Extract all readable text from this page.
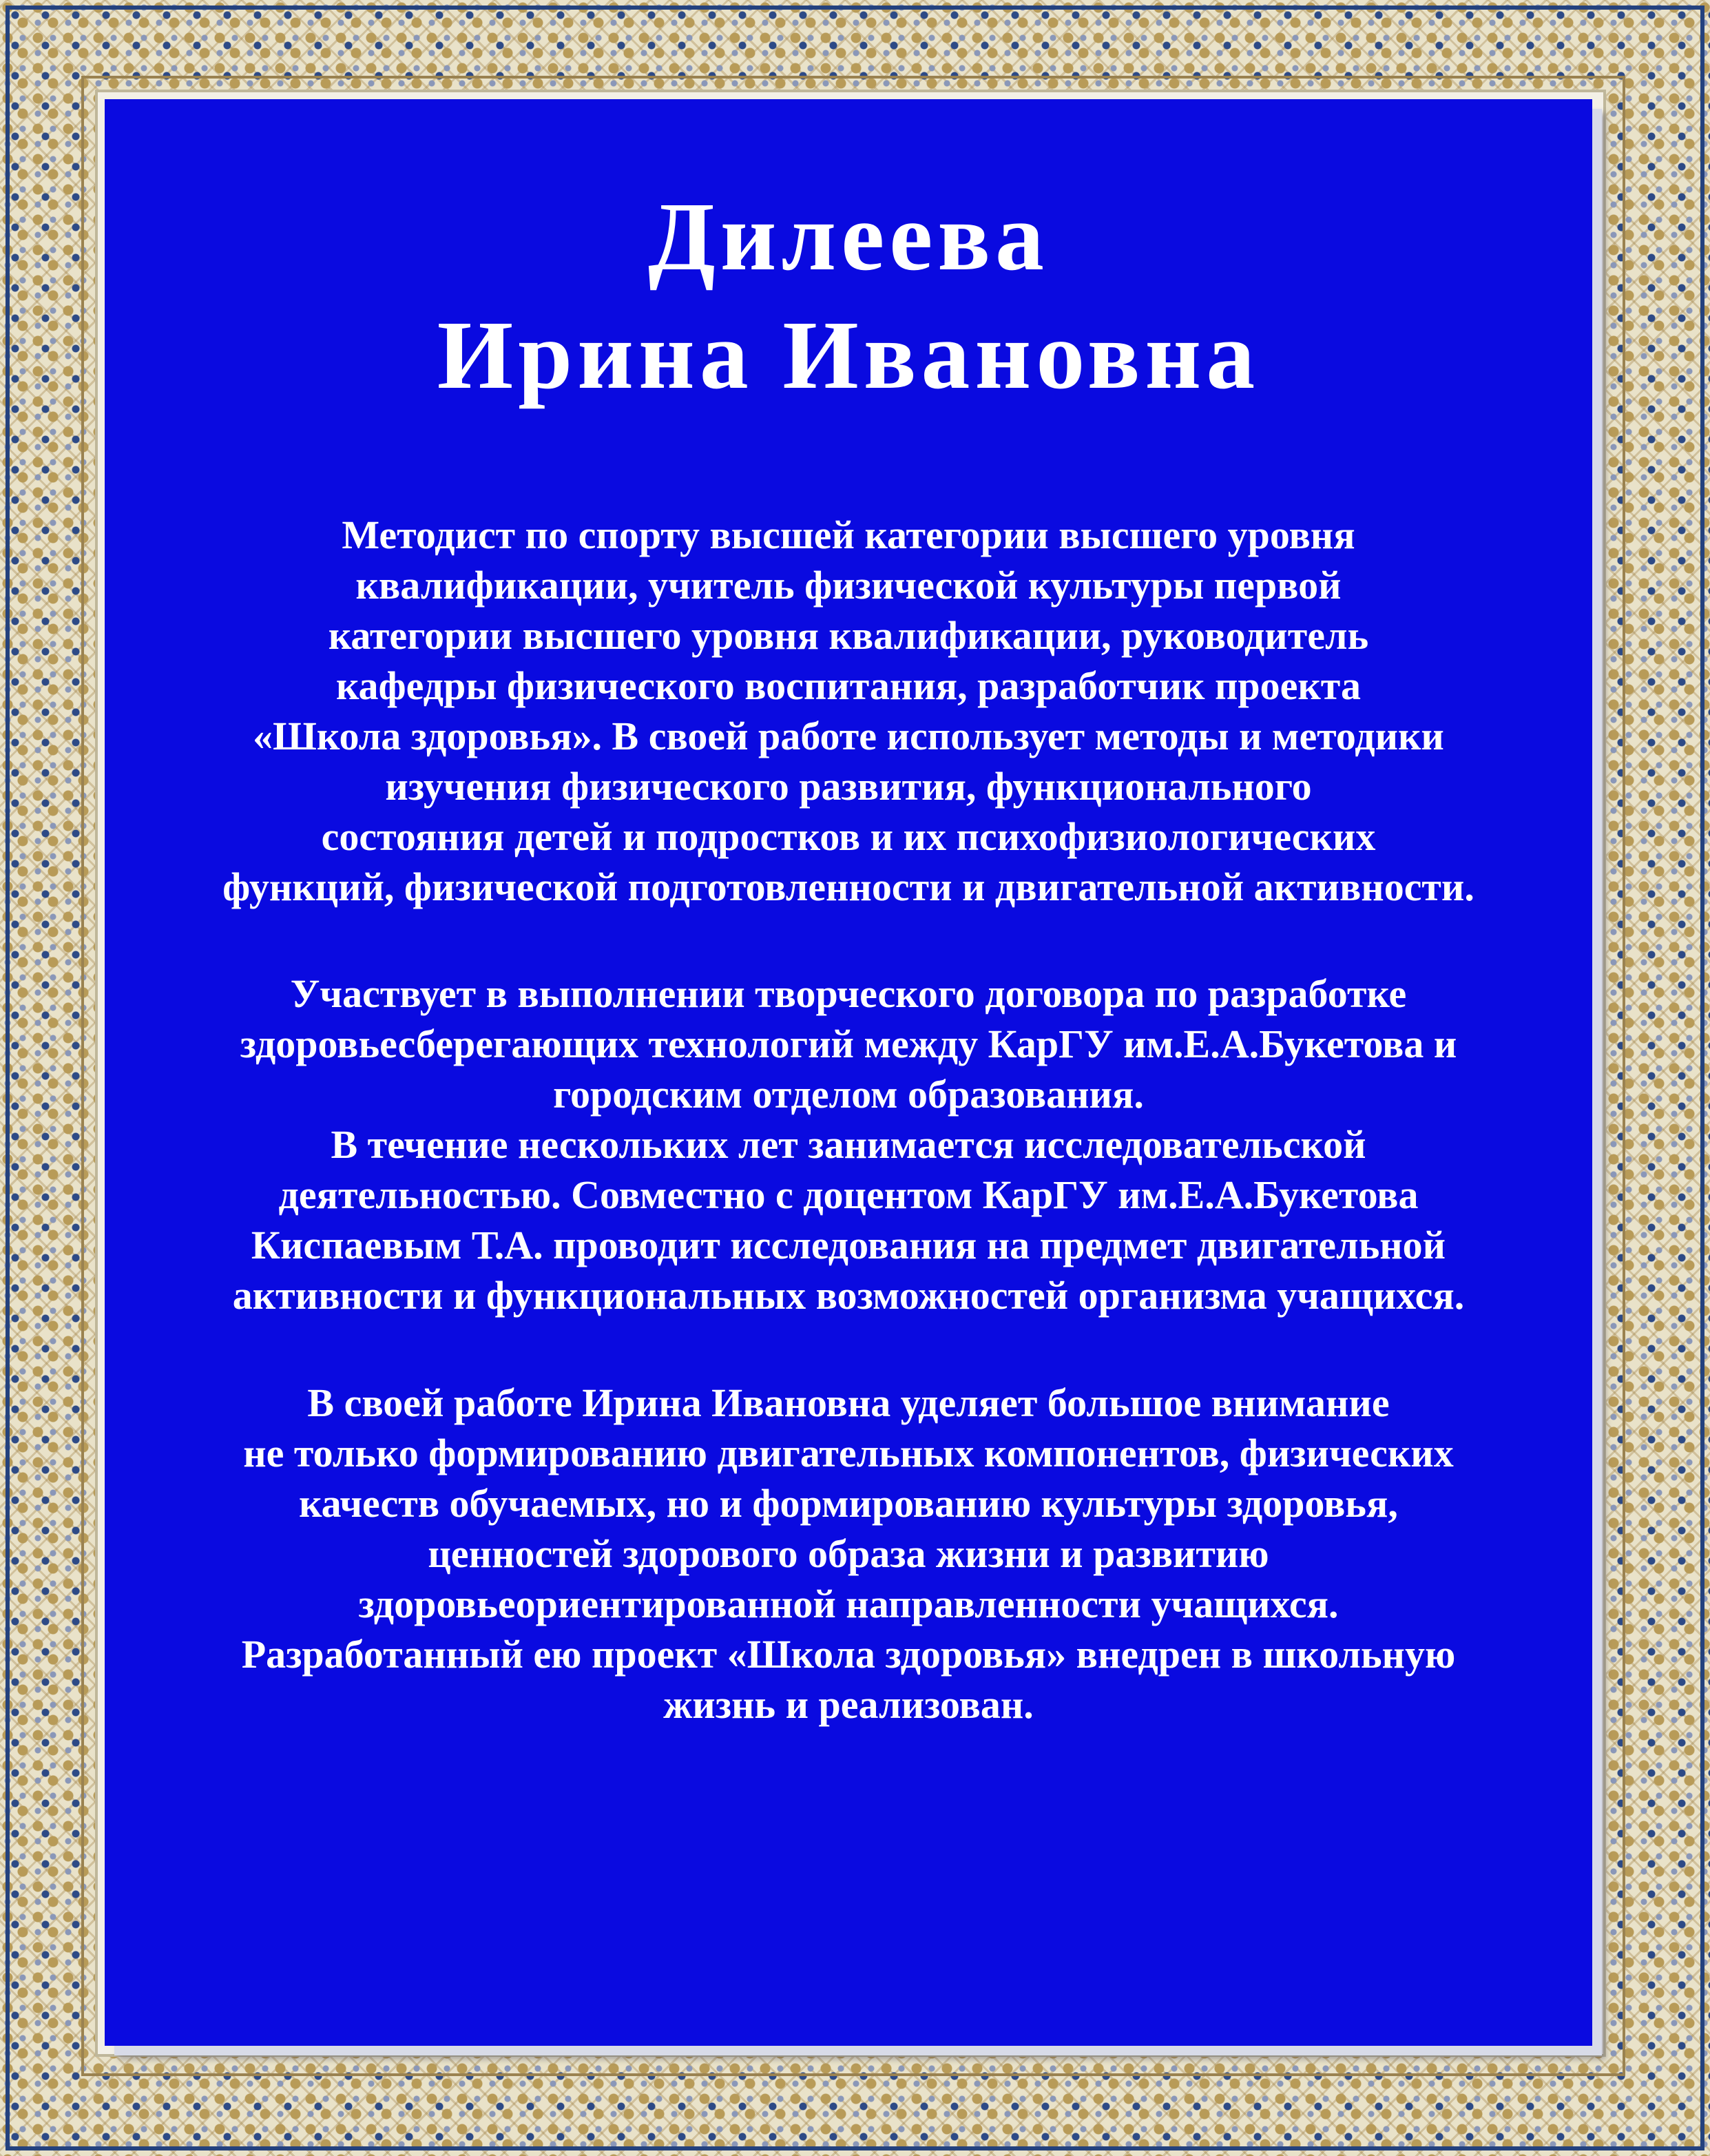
Дилеева
Ирина Ивановна

Методист по спорту высшей категории высшего уровня
квалификации, учитель физической культуры первой
категории высшего уровня квалификации, руководитель
кафедры физического воспитания, разработчик проекта
«Школа здоровья». В своей работе использует методы и методики
изучения физического развития, функционального
состояния детей и подростков и их психофизиологических
функций, физической подготовленности и двигательной активности.

Участвует в выполнении творческого договора по разработке
здоровьесберегающих технологий между КарГУ им.Е.А.Букетова и
городским отделом образования.
В течение нескольких лет занимается исследовательской
деятельностью. Совместно с доцентом КарГУ им.Е.А.Букетова
Киспаевым Т.А. проводит исследования на предмет двигательной
активности и функциональных возможностей организма учащихся.

В своей работе Ирина Ивановна уделяет большое внимание
не только формированию двигательных компонентов, физических
качеств обучаемых, но и формированию культуры здоровья,
ценностей здорового образа жизни и развитию
здоровьеориентированной направленности учащихся.
Разработанный ею проект «Школа здоровья» внедрен в школьную
жизнь и реализован.
